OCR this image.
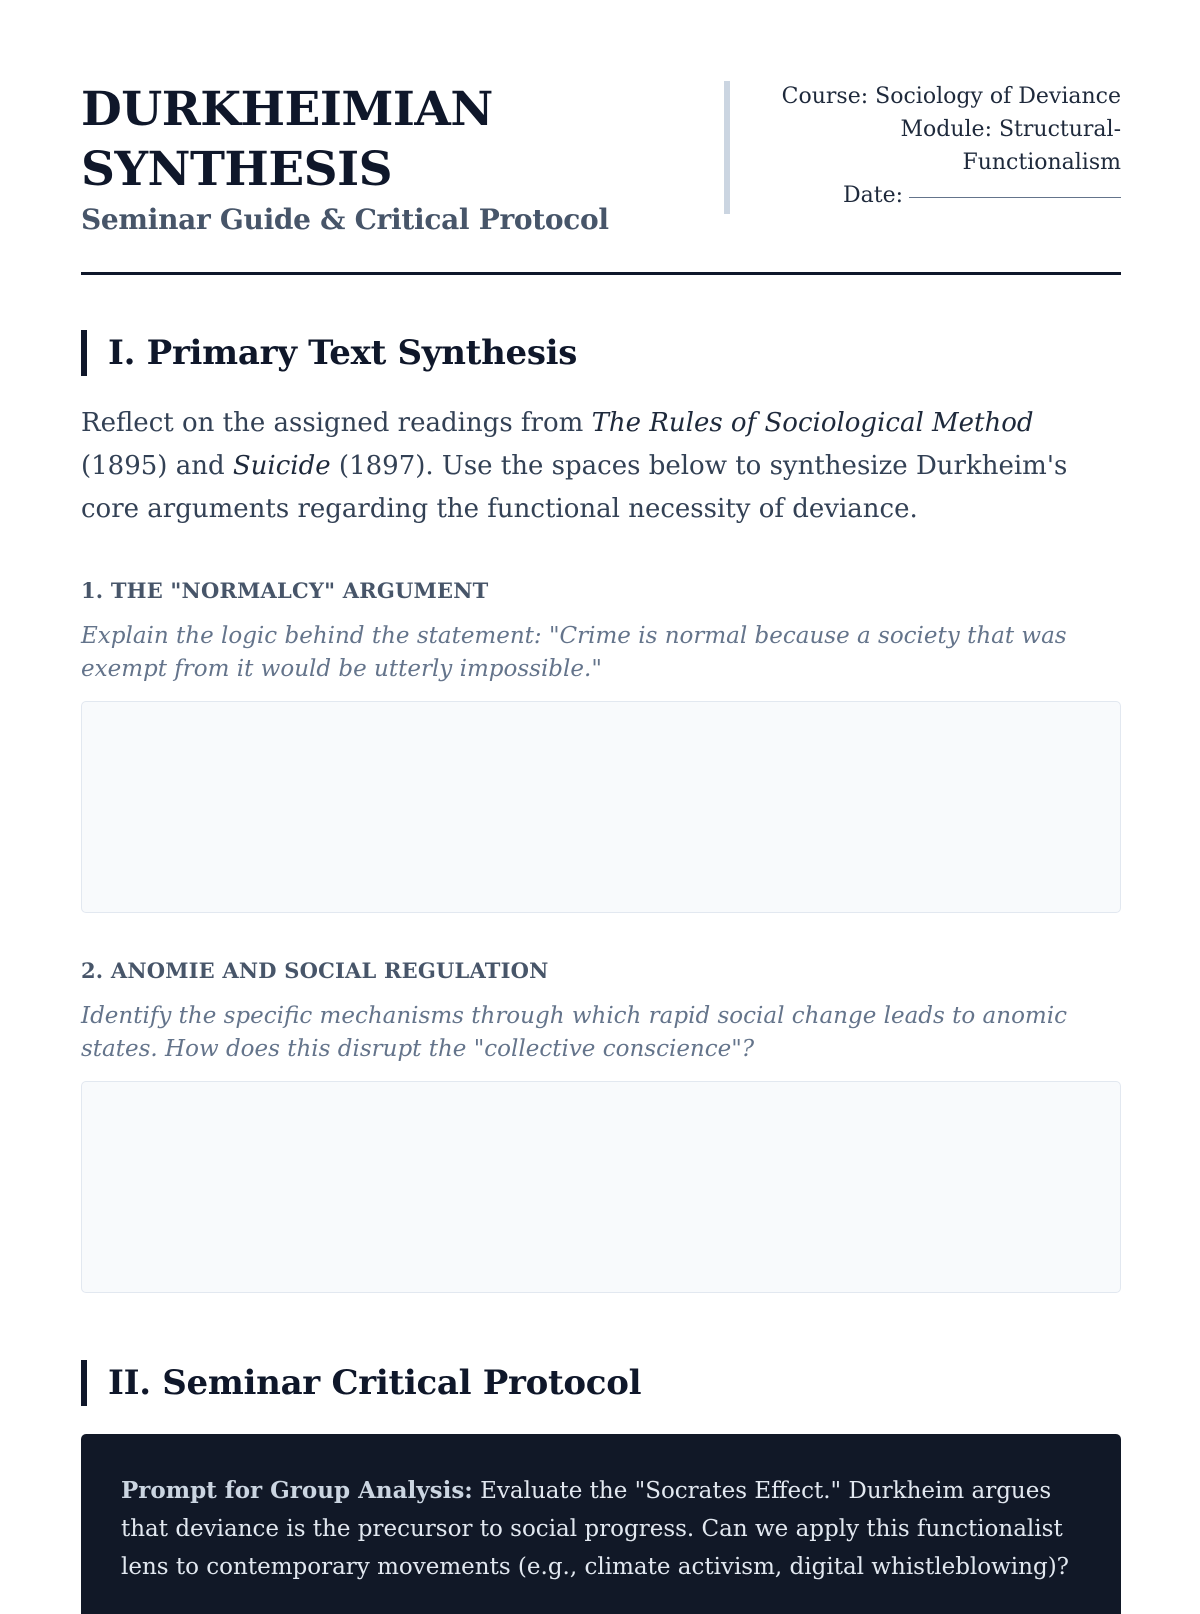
DURKHEIMIAN
SYNTHESIS

Seminar Guide & Critical Protocol

Course: Sociology of Deviance
Module: Structural-
Functionalism
Date:
I. Primary Text Synthesis

Reflect on the assigned readings from The Rules of Sociological Method (1895) and Suicide (1897). Use the spaces below to synthesize Durkheim's core arguments regarding the functional necessity of deviance.

1. THE "NORMALCY" ARGUMENT

Explain the logic behind the statement: "Crime is normal because a society that was exempt from it would be utterly impossible."

2. ANOMIE AND SOCIAL REGULATION

Identify the specific mechanisms through which rapid social change leads to anomic states. How does this disrupt the "collective conscience"?

II. Seminar Critical Protocol

Prompt for Group Analysis: Evaluate the "Socrates Effect." Durkheim argues that deviance is the precursor to social progress. Can we apply this functionalist lens to contemporary movements (e.g., climate activism, digital whistleblowing)?
